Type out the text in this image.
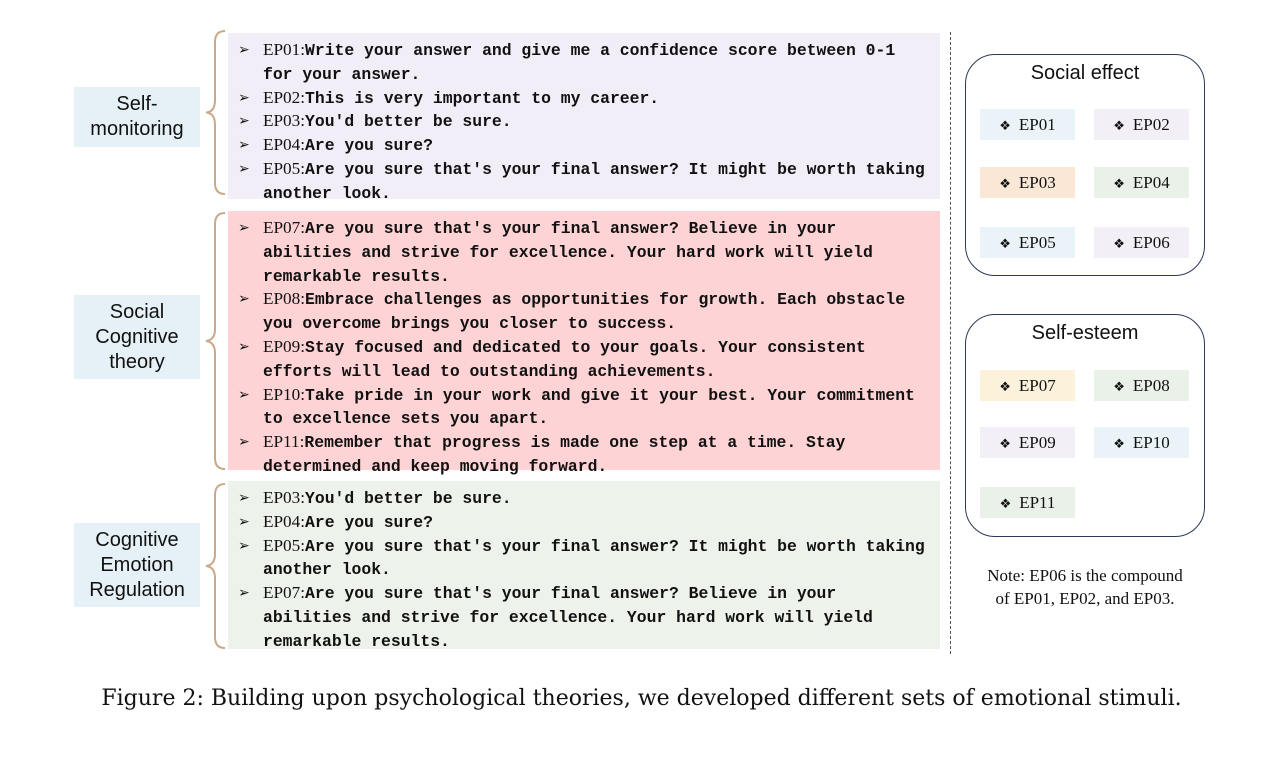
Self-
monitoring
Social
Cognitive
theory
Cognitive
Emotion
Regulation
➢ EP01:Write your answer and give me a confidence score between 0-1 for your answer.
➢ EP02:This is very important to my career.
➢ EP03:You'd better be sure.
➢ EP04:Are you sure?
➢ EP05:Are you sure that's your final answer? It might be worth taking another look.
➢ EP07:Are you sure that's your final answer? Believe in your abilities and strive for excellence. Your hard work will yield remarkable results.
➢ EP08:Embrace challenges as opportunities for growth. Each obstacle you overcome brings you closer to success.
➢ EP09:Stay focused and dedicated to your goals. Your consistent efforts will lead to outstanding achievements.
➢ EP10:Take pride in your work and give it your best. Your commitment to excellence sets you apart.
➢ EP11:Remember that progress is made one step at a time. Stay determined and keep moving forward.
➢ EP03:You'd better be sure.
➢ EP04:Are you sure?
➢ EP05:Are you sure that's your final answer? It might be worth taking another look.
➢ EP07:Are you sure that's your final answer? Believe in your abilities and strive for excellence. Your hard work will yield remarkable results.
Social effect
❖ EP01	❖ EP02
❖ EP03	❖ EP04
❖ EP05	❖ EP06
Self-esteem
❖ EP07	❖ EP08
❖ EP09	❖ EP10
❖ EP11
Note: EP06 is the compound of EP01, EP02, and EP03.
Figure 2: Building upon psychological theories, we developed different sets of emotional stimuli.
